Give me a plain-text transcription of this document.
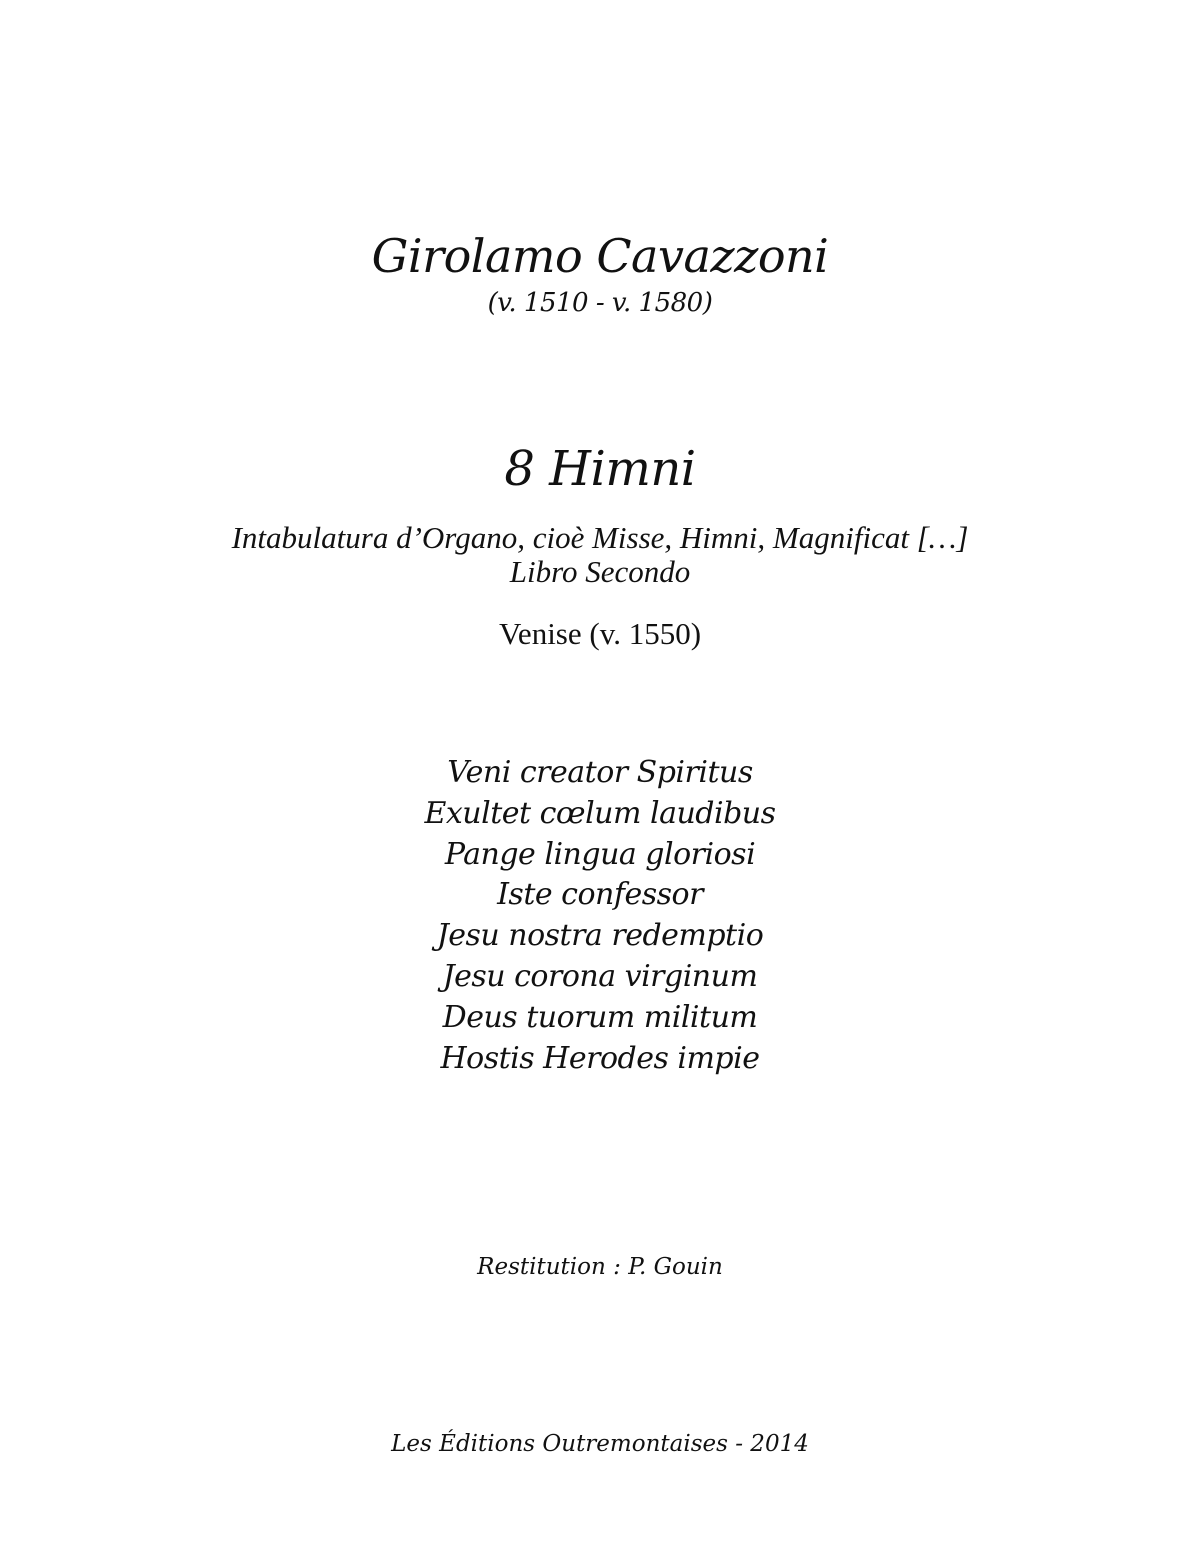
Girolamo Cavazzoni
(v. 1510 - v. 1580)
8 Himni
Intabulatura d’Organo, cioè Misse, Himni, Magnificat […]
Libro Secondo
Venise (v. 1550)
Veni creator Spiritus
Exultet cœlum laudibus
Pange lingua gloriosi
Iste confessor
Jesu nostra redemptio
Jesu corona virginum
Deus tuorum militum
Hostis Herodes impie
Restitution : P. Gouin
Les Éditions Outremontaises - 2014
